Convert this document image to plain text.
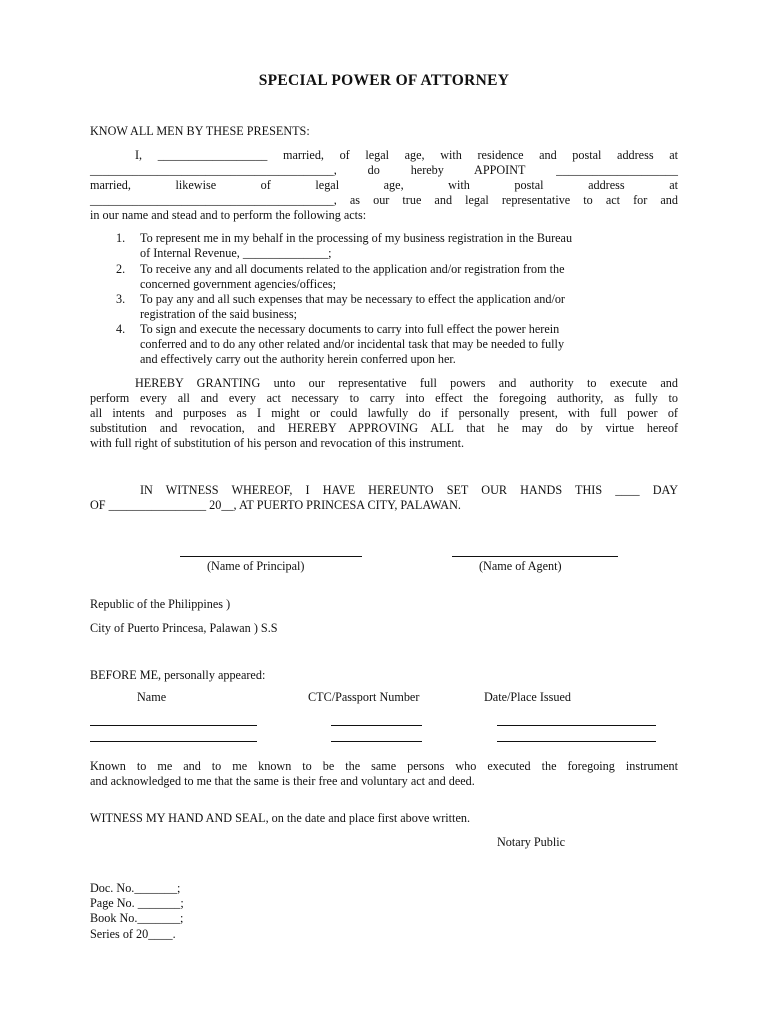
SPECIAL POWER OF ATTORNEY
KNOW ALL MEN BY THESE PRESENTS:
I, __________________ married, of legal age, with residence and postal address at
________________________________________, do hereby APPOINT ____________________
married, likewise of legal age, with postal address at
________________________________________, as our true and legal representative to act for and
in our name and stead and to perform the following acts:
1. To represent me in my behalf in the processing of my business registration in the Bureau
of Internal Revenue, ______________;
2. To receive any and all documents related to the application and/or registration from the
concerned government agencies/offices;
3. To pay any and all such expenses that may be necessary to effect the application and/or
registration of the said business;
4. To sign and execute the necessary documents to carry into full effect the power herein
conferred and to do any other related and/or incidental task that may be needed to fully
and effectively carry out the authority herein conferred upon her.
HEREBY GRANTING unto our representative full powers and authority to execute and
perform every all and every act necessary to carry into effect the foregoing authority, as fully to
all intents and purposes as I might or could lawfully do if personally present, with full power of
substitution and revocation, and HEREBY APPROVING ALL that he may do by virtue hereof
with full right of substitution of his person and revocation of this instrument.
IN WITNESS WHEREOF, I HAVE HEREUNTO SET OUR HANDS THIS ____ DAY
OF ________________ 20__, AT PUERTO PRINCESA CITY, PALAWAN.
(Name of Principal)	(Name of Agent)
Republic of the Philippines )
City of Puerto Princesa, Palawan ) S.S
BEFORE ME, personally appeared:
Name	CTC/Passport Number	Date/Place Issued
Known to me and to me known to be the same persons who executed the foregoing instrument
and acknowledged to me that the same is their free and voluntary act and deed.
WITNESS MY HAND AND SEAL, on the date and place first above written.
Notary Public
Doc. No._______;
Page No. _______;
Book No._______;
Series of 20____.
